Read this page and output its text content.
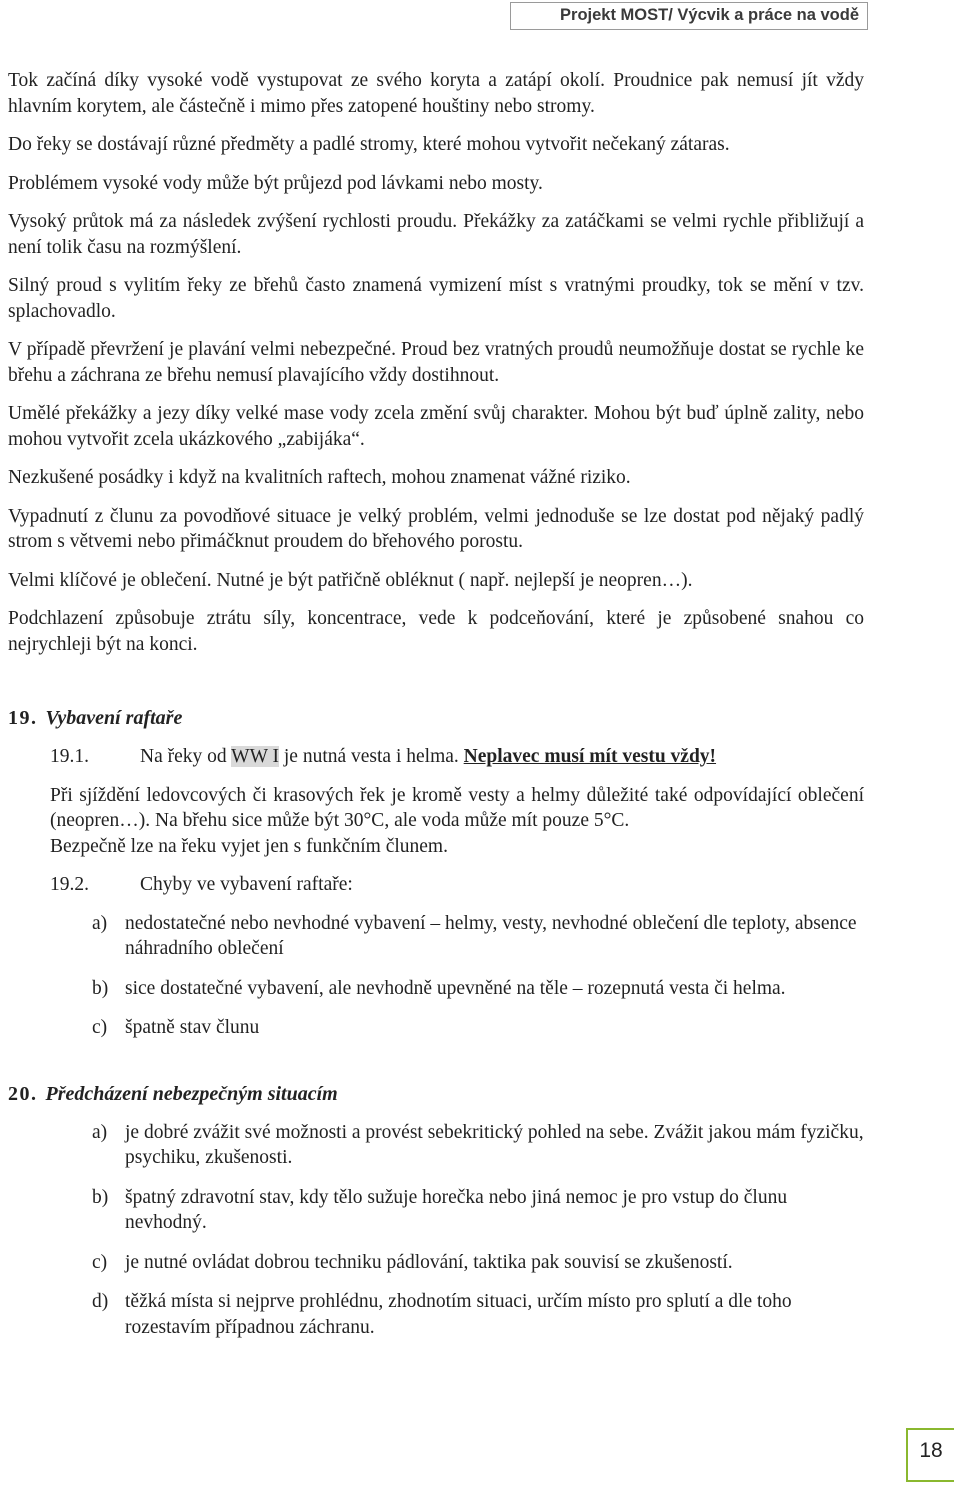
Projekt MOST/ Výcvik a práce na vodě

Tok začíná díky vysoké vodě vystupovat ze svého koryta a zatápí okolí. Proudnice pak nemusí jít vždy hlavním korytem, ale částečně i mimo přes zatopené houštiny nebo stromy.

Do řeky se dostávají různé předměty a padlé stromy, které mohou vytvořit nečekaný zátaras.

Problémem vysoké vody může být průjezd pod lávkami nebo mosty.

Vysoký průtok má za následek zvýšení rychlosti proudu. Překážky za zatáčkami se velmi rychle přibližují a není tolik času na rozmýšlení.

Silný proud s vylitím řeky ze břehů často znamená vymizení míst s vratnými proudky, tok se mění v tzv. splachovadlo.

V případě převržení je plavání velmi nebezpečné. Proud bez vratných proudů neumožňuje dostat se rychle ke břehu a záchrana ze břehu nemusí plavajícího vždy dostihnout.

Umělé překážky a jezy díky velké mase vody zcela změní svůj charakter. Mohou být buď úplně zality, nebo mohou vytvořit zcela ukázkového „zabijáka“.

Nezkušené posádky i když na kvalitních raftech, mohou znamenat vážné riziko.

Vypadnutí z člunu za povodňové situace je velký problém, velmi jednoduše se lze dostat pod nějaký padlý strom s větvemi nebo přimáčknut proudem do břehového porostu.

Velmi klíčové je oblečení. Nutné je být patřičně obléknut ( např. nejlepší je neopren…).

Podchlazení způsobuje ztrátu síly, koncentrace, vede k podceňování, které je způsobené snahou co nejrychleji být na konci.

19. Vybavení raftaře
19.1.	Na řeky od WW I je nutná vesta i helma. Neplavec musí mít vestu vždy!

Při sjíždění ledovcových či krasových řek je kromě vesty a helmy důležité také odpovídající oblečení (neopren…). Na břehu sice může být 30°C, ale voda může mít pouze 5°C.

Bezpečně lze na řeku vyjet jen s funkčním člunem.

19.2.	Chyby ve vybavení raftaře:
a) nedostatečné nebo nevhodné vybavení – helmy, vesty, nevhodné oblečení dle teploty, absence náhradního oblečení
b) sice dostatečné vybavení, ale nevhodně upevněné na těle – rozepnutá vesta či helma.
c) špatně stav člunu
20. Předcházení nebezpečným situacím
a) je dobré zvážit své možnosti a provést sebekritický pohled na sebe. Zvážit jakou mám fyzičku, psychiku, zkušenosti.
b) špatný zdravotní stav, kdy tělo sužuje horečka nebo jiná nemoc je pro vstup do člunu nevhodný.
c) je nutné ovládat dobrou techniku pádlování, taktika pak souvisí se zkušeností.
d) těžká místa si nejprve prohlédnu, zhodnotím situaci, určím místo pro splutí a dle toho rozestavím případnou záchranu.
18
